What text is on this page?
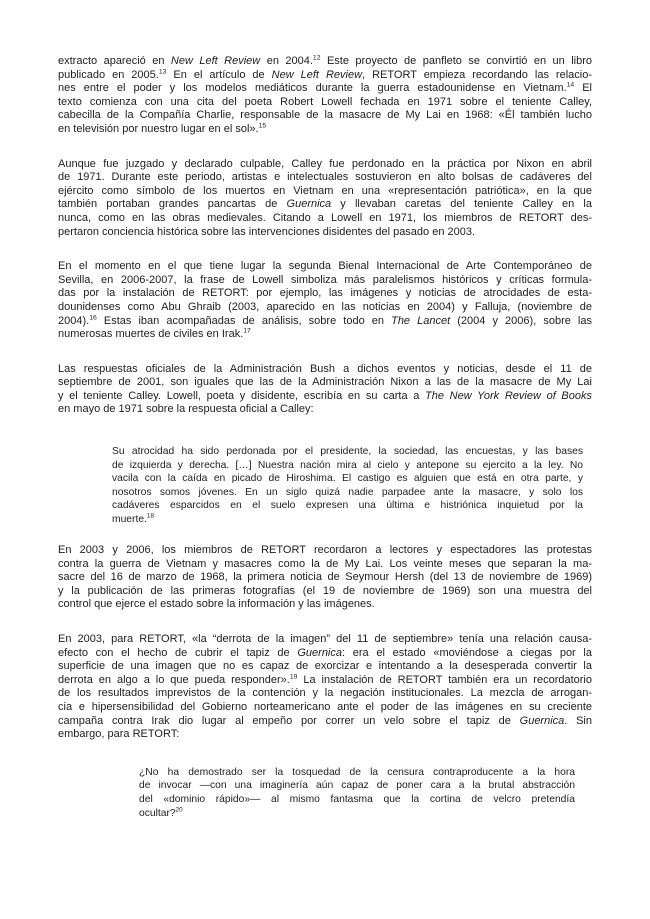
extracto apareció en New Left Review en 2004.12 Este proyecto de panfleto se convirtió en un libro
publicado en 2005.13 En el artículo de New Left Review, RETORT empieza recordando las relacio-
nes entre el poder y los modelos mediáticos durante la guerra estadounidense en Vietnam.$^{14}$ El
texto comienza con una cita del poeta Robert Lowell fechada en 1971 sobre el teniente Calley,
cabecilla de la Compañía Charlie, responsable de la masacre de My Lai en 1968: «Él también lucho
en televisión por nuestro lugar en el sol».$^{15}$
Aunque fue juzgado y declarado culpable, Calley fue perdonado en la práctica por Nixon en abril
de 1971. Durante este periodo, artistas e intelectuales sostuvieron en alto bolsas de cadáveres del
ejército como símbolo de los muertos en Vietnam en una «representación patriótica», en la que
también portaban grandes pancartas de Guernica y llevaban caretas del teniente Calley en la
nunca, como en las obras medievales. Citando a Lowell en 1971, los miembros de RETORT des-
pertaron conciencia histórica sobre las intervenciones disidentes del pasado en 2003.
En el momento en el que tiene lugar la segunda Bienal Internacional de Arte Contemporáneo de
Sevilla, en 2006-2007, la frase de Lowell simboliza más paralelismos históricos y críticas formula-
das por la instalación de RETORT: por ejemplo, las imágenes y noticias de atrocidades de esta-
dounidenses como Abu Ghraib (2003, aparecido en las noticias en 2004) y Falluja, (noviembre de
2004).$^{16}$ Estas iban acompañadas de análisis, sobre todo en The Lancet (2004 y 2006), sobre las
numerosas muertes de civiles en Irak.$^{17}$
Las respuestas oficiales de la Administración Bush a dichos eventos y noticias, desde el 11 de
septiembre de 2001, son iguales que las de la Administración Nixon a las de la masacre de My Lai
y el teniente Calley. Lowell, poeta y disidente, escribía en su carta a The New York Review of Books
en mayo de 1971 sobre la respuesta oficial a Calley:
Su atrocidad ha sido perdonada por el presidente, la sociedad, las encuestas, y las bases
de izquierda y derecha. […] Nuestra nación mira al cielo y antepone su ejercito a la ley. No
vacila con la caída en picado de Hiroshima. El castigo es alguien que está en otra parte, y
nosotros somos jóvenes. En un siglo quizá nadie parpadee ante la masacre, y solo los
cadáveres esparcidos en el suelo expresen una última e histriónica inquietud por la
muerte.$^{18}$
En 2003 y 2006, los miembros de RETORT recordaron a lectores y espectadores las protestas
contra la guerra de Vietnam y masacres como la de My Lai. Los veinte meses que separan la ma-
sacre del 16 de marzo de 1968, la primera noticia de Seymour Hersh (del 13 de noviembre de 1969)
y la publicación de las primeras fotografías (el 19 de noviembre de 1969) son una muestra del
control que ejerce el estado sobre la información y las imágenes.
En 2003, para RETORT, «la “derrota de la imagen” del 11 de septiembre» tenía una relación causa-
efecto con el hecho de cubrir el tapiz de Guernica: era el estado «moviéndose a ciegas por la
superficie de una imagen que no es capaz de exorcizar e intentando a la desesperada convertir la
derrota en algo a lo que pueda responder».$^{19}$ La instalación de RETORT también era un recordatorio
de los resultados imprevistos de la contención y la negación institucionales. La mezcla de arrogan-
cia e hipersensibilidad del Gobierno norteamericano ante el poder de las imágenes en su creciente
campaña contra Irak dio lugar al empeño por correr un velo sobre el tapiz de Guernica. Sin
embargo, para RETORT:
¿No ha demostrado ser la tosquedad de la censura contraproducente a la hora
de invocar —con una imaginería aún capaz de poner cara a la brutal abstracción
del «dominio rápido»— al mismo fantasma que la cortina de velcro pretendía
ocultar?$^{20}$
